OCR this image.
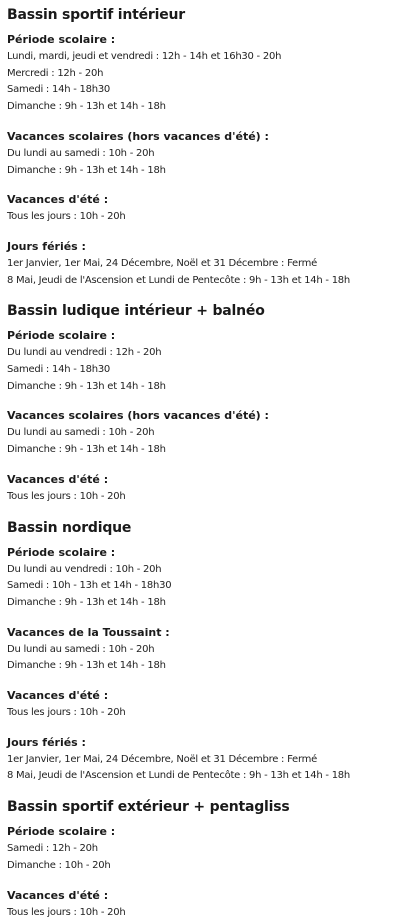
Bassin sportif intérieur
Période scolaire :
Lundi, mardi, jeudi et vendredi : 12h - 14h et 16h30 - 20h
Mercredi : 12h - 20h
Samedi : 14h - 18h30
Dimanche : 9h - 13h et 14h - 18h
Vacances scolaires (hors vacances d'été) :
Du lundi au samedi : 10h - 20h
Dimanche : 9h - 13h et 14h - 18h
Vacances d'été :
Tous les jours : 10h - 20h
Jours fériés :
1er Janvier, 1er Mai, 24 Décembre, Noël et 31 Décembre : Fermé
8 Mai, Jeudi de l'Ascension et Lundi de Pentecôte : 9h - 13h et 14h - 18h
Bassin ludique intérieur + balnéo
Période scolaire :
Du lundi au vendredi : 12h - 20h
Samedi : 14h - 18h30
Dimanche : 9h - 13h et 14h - 18h
Vacances scolaires (hors vacances d'été) :
Du lundi au samedi : 10h - 20h
Dimanche : 9h - 13h et 14h - 18h
Vacances d'été :
Tous les jours : 10h - 20h
Bassin nordique
Période scolaire :
Du lundi au vendredi : 10h - 20h
Samedi : 10h - 13h et 14h - 18h30
Dimanche : 9h - 13h et 14h - 18h
Vacances de la Toussaint :
Du lundi au samedi : 10h - 20h
Dimanche : 9h - 13h et 14h - 18h
Vacances d'été :
Tous les jours : 10h - 20h
Jours fériés :
1er Janvier, 1er Mai, 24 Décembre, Noël et 31 Décembre : Fermé
8 Mai, Jeudi de l'Ascension et Lundi de Pentecôte : 9h - 13h et 14h - 18h
Bassin sportif extérieur + pentagliss
Période scolaire :
Samedi : 12h - 20h
Dimanche : 10h - 20h
Vacances d'été :
Tous les jours : 10h - 20h
